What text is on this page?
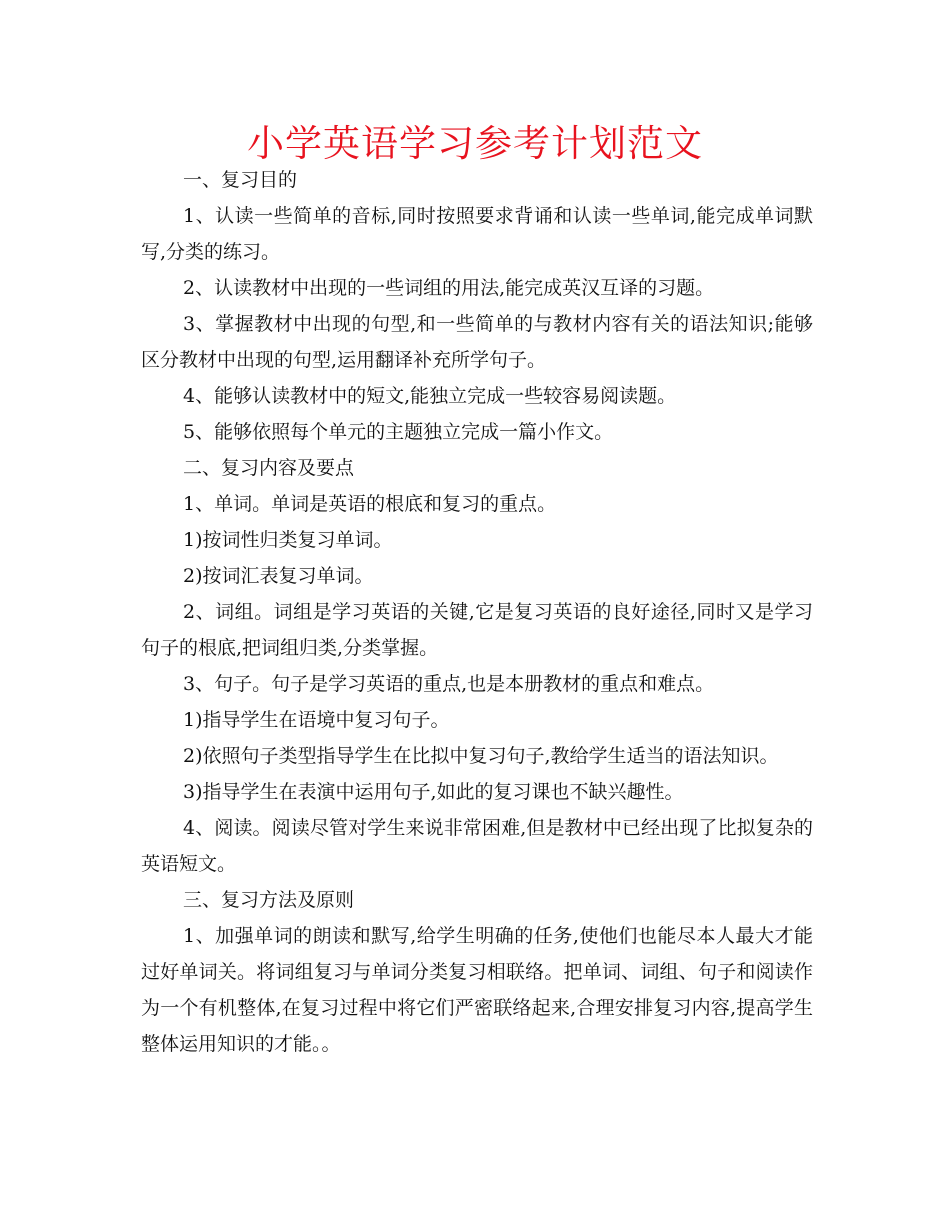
小学英语学习参考计划范文

一、复习目的

1、认读一些简单的音标,同时按照要求背诵和认读一些单词,能完成单词默写,分类的练习。

2、认读教材中出现的一些词组的用法,能完成英汉互译的习题。

3、掌握教材中出现的句型,和一些简单的与教材内容有关的语法知识;能够区分教材中出现的句型,运用翻译补充所学句子。

4、能够认读教材中的短文,能独立完成一些较容易阅读题。

5、能够依照每个单元的主题独立完成一篇小作文。

二、复习内容及要点

1、单词。单词是英语的根底和复习的重点。

1)按词性归类复习单词。

2)按词汇表复习单词。

2、词组。词组是学习英语的关键,它是复习英语的良好途径,同时又是学习句子的根底,把词组归类,分类掌握。

3、句子。句子是学习英语的重点,也是本册教材的重点和难点。

1)指导学生在语境中复习句子。

2)依照句子类型指导学生在比拟中复习句子,教给学生适当的语法知识。

3)指导学生在表演中运用句子,如此的复习课也不缺兴趣性。

4、阅读。阅读尽管对学生来说非常困难,但是教材中已经出现了比拟复杂的英语短文。

三、复习方法及原则

1、加强单词的朗读和默写,给学生明确的任务,使他们也能尽本人最大才能过好单词关。将词组复习与单词分类复习相联络。把单词、词组、句子和阅读作为一个有机整体,在复习过程中将它们严密联络起来,合理安排复习内容,提高学生整体运用知识的才能。。
